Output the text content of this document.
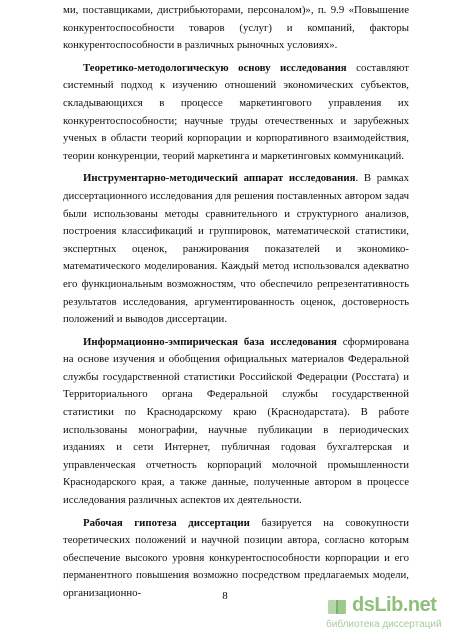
ми, поставщиками, дистрибьюторами, персоналом)», п. 9.9 «Повышение конкурентоспособности товаров (услуг) и компаний, факторы конкурентоспособности в различных рыночных условиях».

Теоретико-методологическую основу исследования составляют системный подход к изучению отношений экономических субъектов, складывающихся в процессе маркетингового управления их конкурентоспособности; научные труды отечественных и зарубежных ученых в области теорий корпорации и корпоративного взаимодействия, теории конкуренции, теорий маркетинга и маркетинговых коммуникаций.

Инструментарно-методический аппарат исследования. В рамках диссертационного исследования для решения поставленных автором задач были использованы методы сравнительного и структурного анализов, построения классификаций и группировок, математической статистики, экспертных оценок, ранжирования показателей и экономико-математического моделирования. Каждый метод использовался адекватно его функциональным возможностям, что обеспечило репрезентативность результатов исследования, аргументированность оценок, достоверность положений и выводов диссертации.

Информационно-эмпирическая база исследования сформирована на основе изучения и обобщения официальных материалов Федеральной службы государственной статистики Российской Федерации (Росстата) и Территориального органа Федеральной службы государственной статистики по Краснодарскому краю (Краснодарстата). В работе использованы монографии, научные публикации в периодических изданиях и сети Интернет, публичная годовая бухгалтерская и управленческая отчетность корпораций молочной промышленности Краснодарского края, а также данные, полученные автором в процессе исследования различных аспектов их деятельности.

Рабочая гипотеза диссертации базируется на совокупности теоретических положений и научной позиции автора, согласно которым обеспечение высокого уровня конкурентоспособности корпорации и его перманентного повышения возможно посредством предлагаемых модели, организационно-	8	dsLib.net
библиотека диссертаций
